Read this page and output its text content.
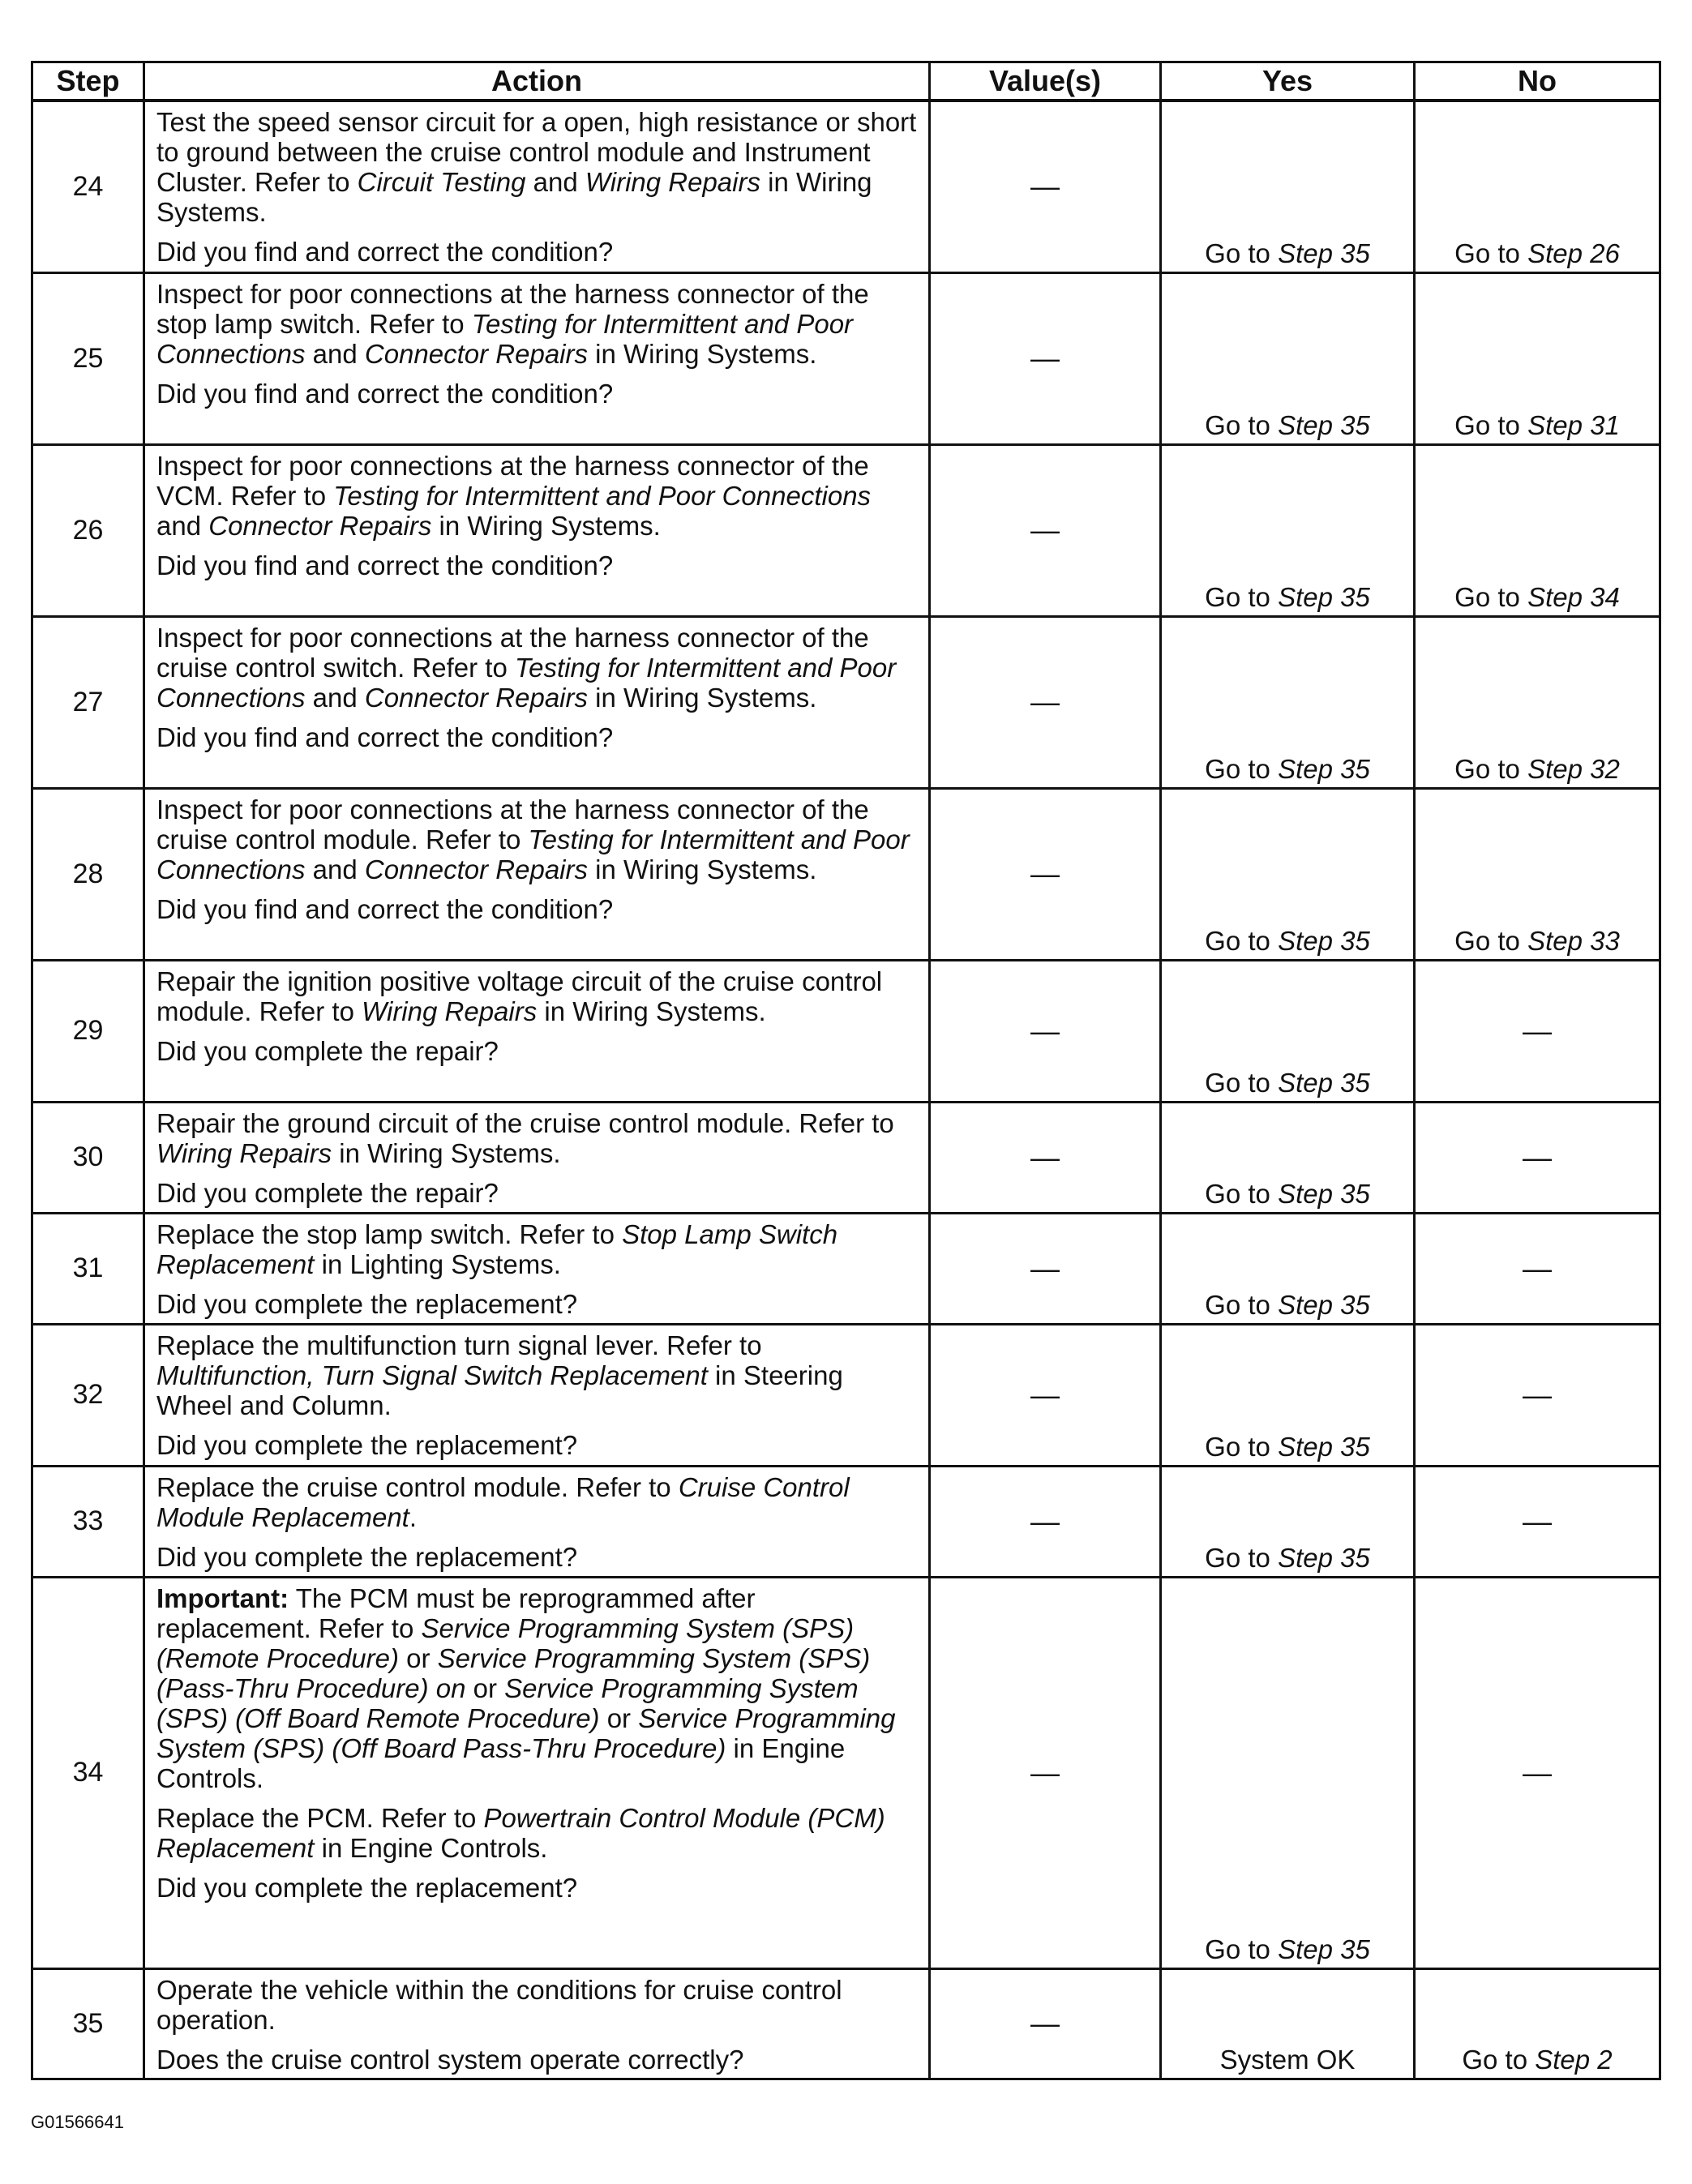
Step	Action	Value(s)	Yes	No
24	Test the speed sensor circuit for a open, high resistance or short to ground between the cruise control module and Instrument Cluster. Refer to Circuit Testing and Wiring Repairs in Wiring Systems.
Did you find and correct the condition?	—	Go to Step 35	Go to Step 26
25	Inspect for poor connections at the harness connector of the stop lamp switch. Refer to Testing for Intermittent and Poor Connections and Connector Repairs in Wiring Systems.
Did you find and correct the condition?	—	Go to Step 35	Go to Step 31
26	Inspect for poor connections at the harness connector of the VCM. Refer to Testing for Intermittent and Poor Connections and Connector Repairs in Wiring Systems.
Did you find and correct the condition?	—	Go to Step 35	Go to Step 34
27	Inspect for poor connections at the harness connector of the cruise control switch. Refer to Testing for Intermittent and Poor Connections and Connector Repairs in Wiring Systems.
Did you find and correct the condition?	—	Go to Step 35	Go to Step 32
28	Inspect for poor connections at the harness connector of the cruise control module. Refer to Testing for Intermittent and Poor Connections and Connector Repairs in Wiring Systems.
Did you find and correct the condition?	—	Go to Step 35	Go to Step 33
29	Repair the ignition positive voltage circuit of the cruise control module. Refer to Wiring Repairs in Wiring Systems.
Did you complete the repair?	—	Go to Step 35	—
30	Repair the ground circuit of the cruise control module. Refer to Wiring Repairs in Wiring Systems.
Did you complete the repair?	—	Go to Step 35	—
31	Replace the stop lamp switch. Refer to Stop Lamp Switch Replacement in Lighting Systems.
Did you complete the replacement?	—	Go to Step 35	—
32	Replace the multifunction turn signal lever. Refer to Multifunction, Turn Signal Switch Replacement in Steering Wheel and Column.
Did you complete the replacement?	—	Go to Step 35	—
33	Replace the cruise control module. Refer to Cruise Control Module Replacement.
Did you complete the replacement?	—	Go to Step 35	—
34	Important: The PCM must be reprogrammed after replacement. Refer to Service Programming System (SPS) (Remote Procedure) or Service Programming System (SPS) (Pass-Thru Procedure) on or Service Programming System (SPS) (Off Board Remote Procedure) or Service Programming System (SPS) (Off Board Pass-Thru Procedure) in Engine Controls.
Replace the PCM. Refer to Powertrain Control Module (PCM) Replacement in Engine Controls.
Did you complete the replacement?	—	Go to Step 35	—
35	Operate the vehicle within the conditions for cruise control operation.
Does the cruise control system operate correctly?	—	System OK	Go to Step 2
G01566641
